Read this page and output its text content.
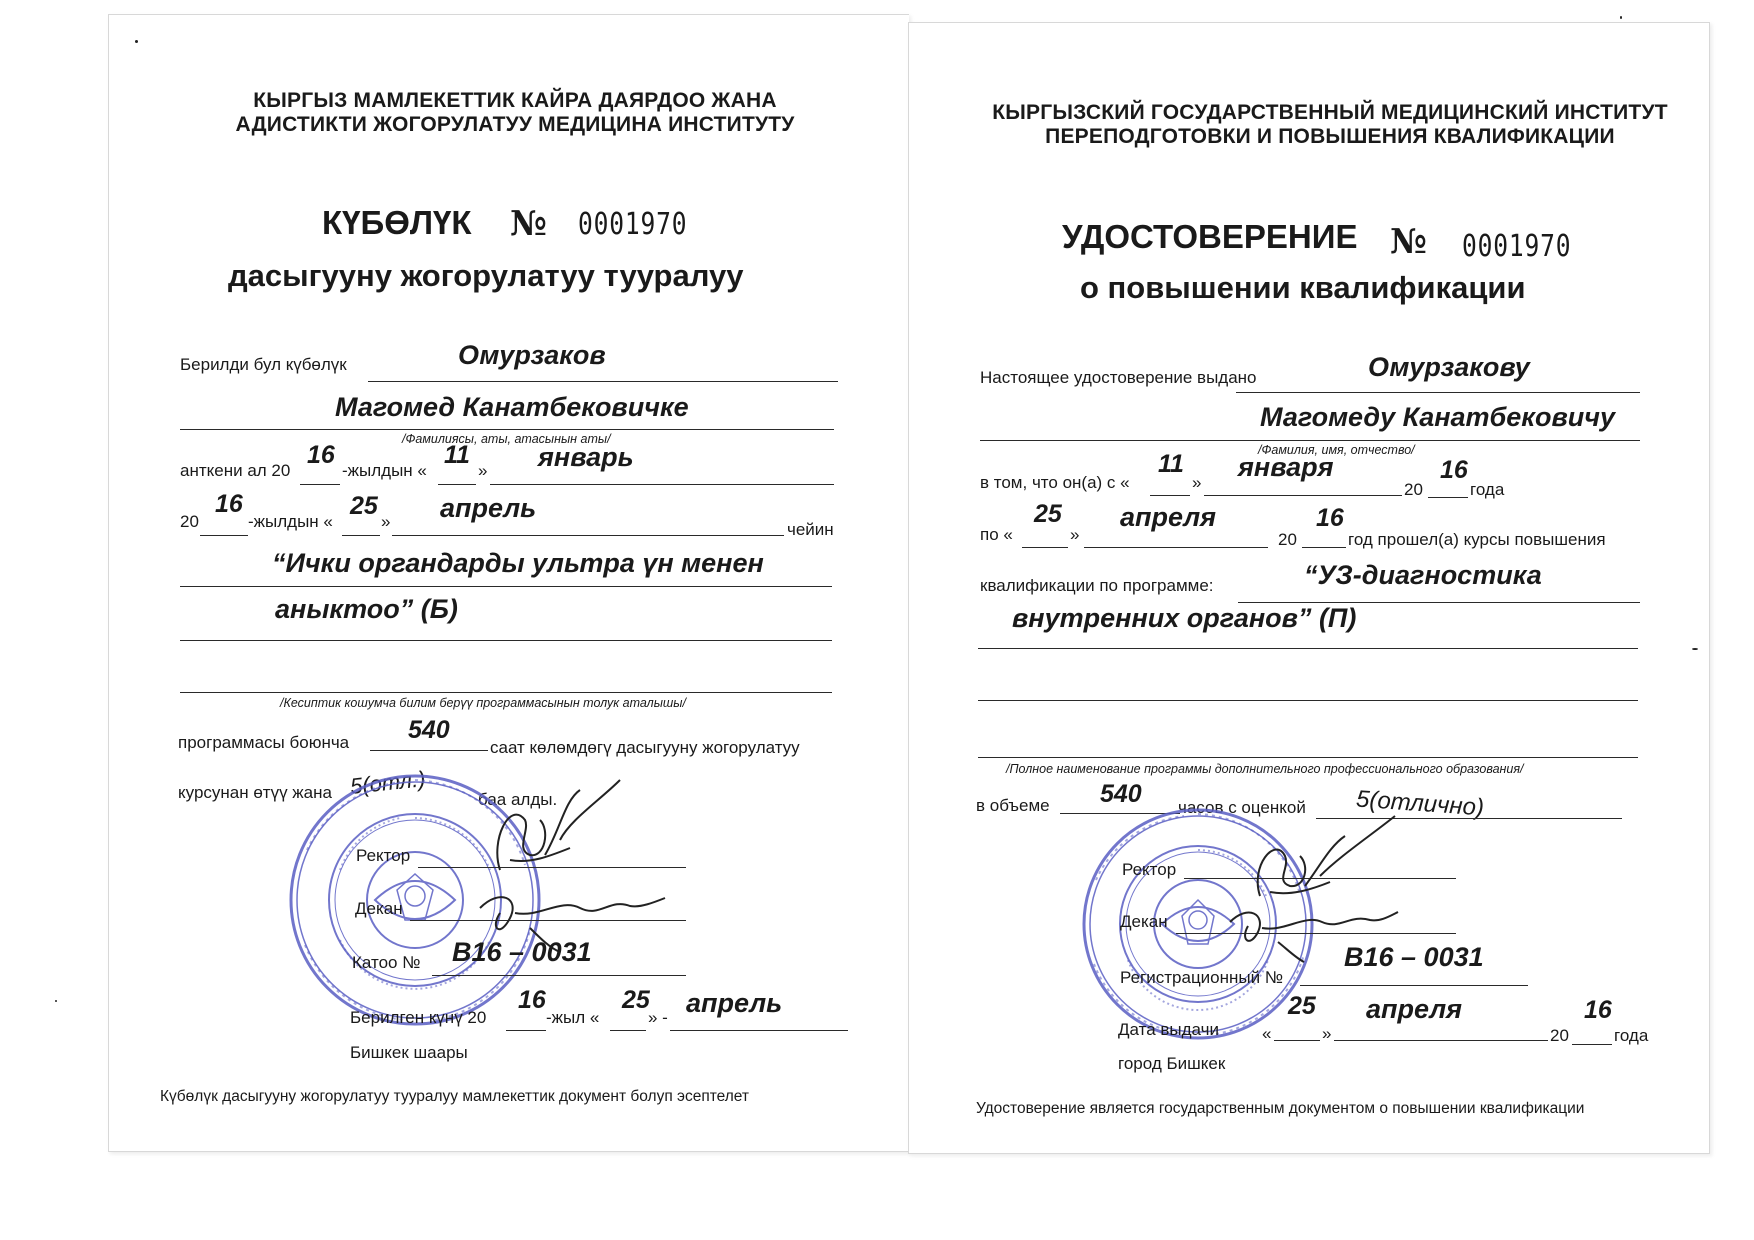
КЫРГЫЗ МАМЛЕКЕТТИК КАЙРА ДАЯРДОО ЖАНА
АДИСТИКТИ ЖОГОРУЛАТУУ МЕДИЦИНА ИНСТИТУТУ
КҮБӨЛҮК № 0001970
дасыгууну жогорулатуу тууралуу
Берилди бул күбөлүк	Омурзаков
Магомед Канатбековичке
/Фамилиясы, аты, атасынын аты/
анткени ал 20
16
-жылдын «
11
» январь
20
16
-жылдын «
25
» апрель
чейин
“Ички органдарды ультра үн менен
аныктоо” (Б)
/Кесиптик кошумча билим берүү программасынын толук аталышы/
программасы боюнча 540
саат көлөмдөгү дасыгууну жогорулатуу
курсунан өтүү жана 5(отл.)
баа алды.
Ректор
Декан
Катоо № В16 – 0031
Берилген күнү 20
16
-жыл «
25
» - апрель
Бишкек шаары
Күбөлүк дасыгууну жогорулатуу тууралуу мамлекеттик документ болуп эсептелет
КЫРГЫЗСКИЙ ГОСУДАРСТВЕННЫЙ МЕДИЦИНСКИЙ ИНСТИТУТ
ПЕРЕПОДГОТОВКИ И ПОВЫШЕНИЯ КВАЛИФИКАЦИИ
УДОСТОВЕРЕНИЕ № 0001970
о повышении квалификации
Настоящее удостоверение выдано	Омурзакову
Магомеду Канатбековичу
/Фамилия, имя, отчество/
в том, что он(а) с «
11
»
января
20
16
года
по «
25
»
апреля
20
16
год прошел(а) курсы повышения
квалификации по программе:	“УЗ-диагностика
внутренних органов” (П)
/Полное наименование программы дополнительного профессионального образования/
в объеме 540 часов с оценкой 5(отлично)
Ректор
Декан
В16 – 0031
Регистрационный №
Дата выдачи	«
25
»
апреля
20
16
года
город Бишкек
Удостоверение является государственным документом о повышении квалификации
